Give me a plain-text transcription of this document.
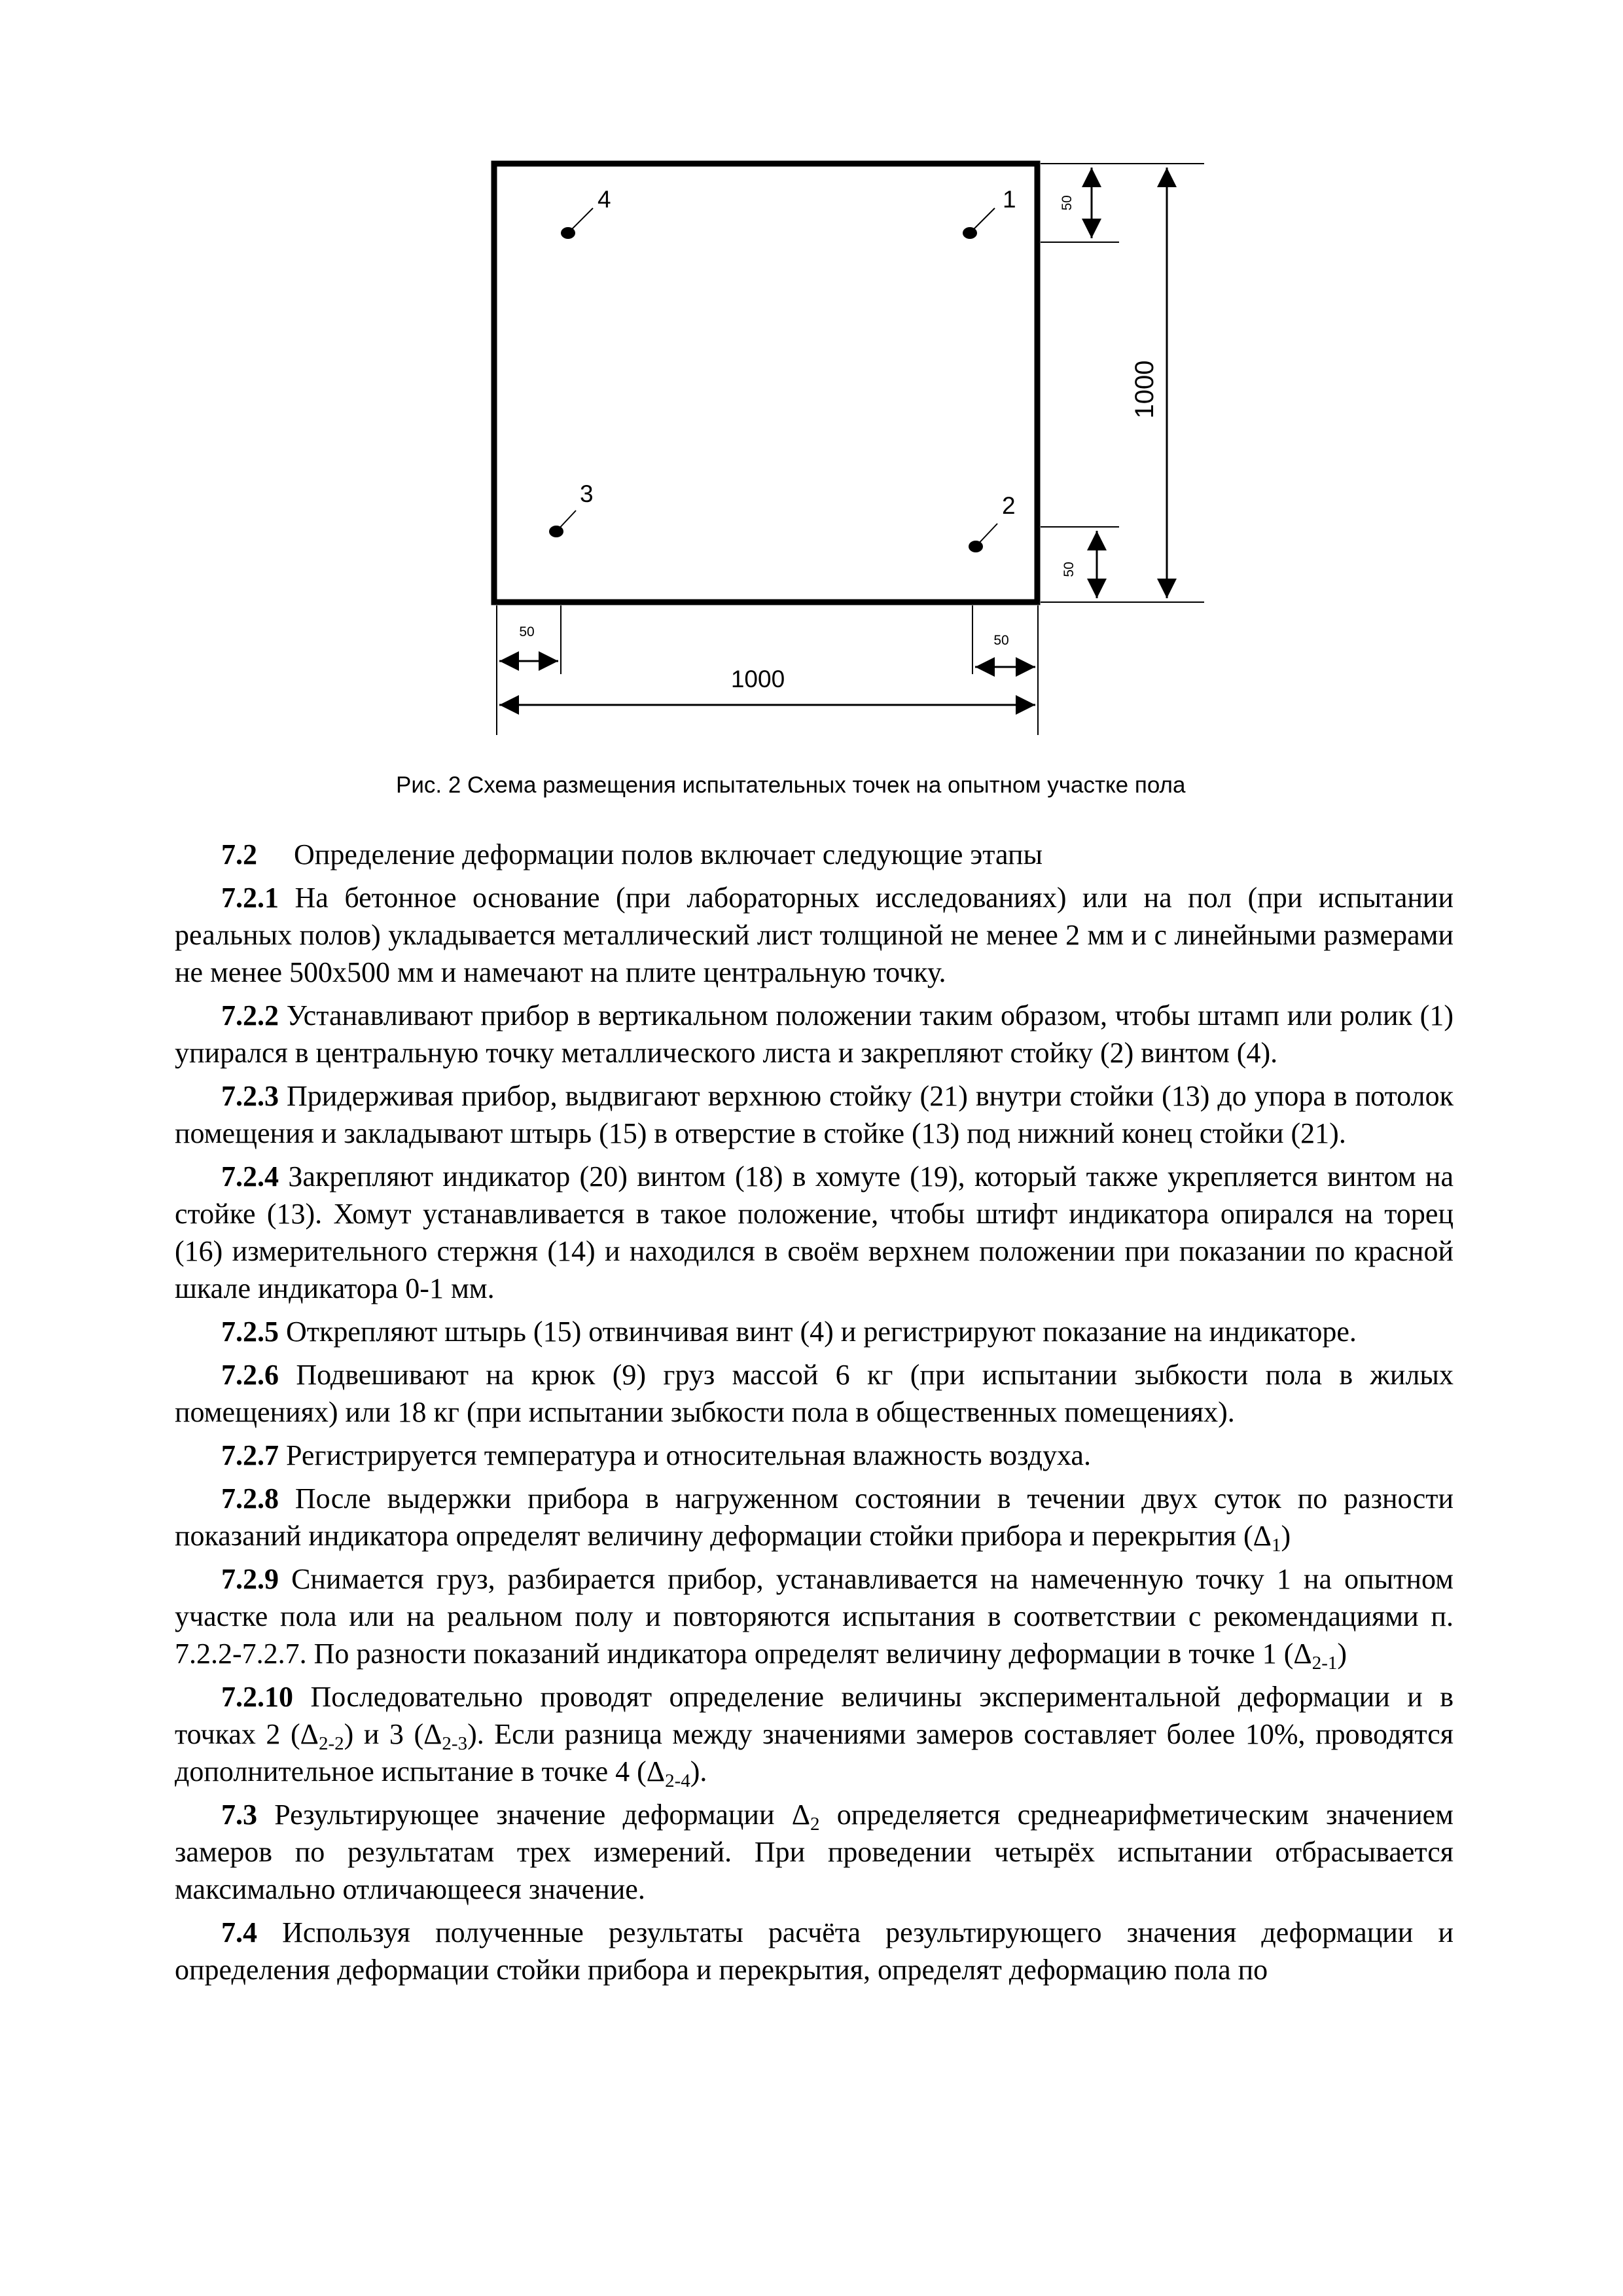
4	1
3	2
50
1000
50
50
50
1000
Рис. 2 Схема размещения испытательных точек на опытном участке пола

7.2 Определение деформации полов включает следующие этапы

7.2.1 На бетонное основание (при лабораторных исследованиях) или на пол (при испытании реальных полов) укладывается металлический лист толщиной не менее 2 мм и с линейными размерами не менее 500х500 мм и намечают на плите центральную точку.

7.2.2 Устанавливают прибор в вертикальном положении таким образом, чтобы штамп или ролик (1) упирался в центральную точку металлического листа и закрепляют стойку (2) винтом (4).

7.2.3 Придерживая прибор, выдвигают верхнюю стойку (21) внутри стойки (13) до упора в потолок помещения и закладывают штырь (15) в отверстие в стойке (13) под нижний конец стойки (21).

7.2.4 Закрепляют индикатор (20) винтом (18) в хомуте (19), который также укрепляется винтом на стойке (13). Хомут устанавливается в такое положение, чтобы штифт индикатора опирался на торец (16) измерительного стержня (14) и находился в своём верхнем положении при показании по красной шкале индикатора 0-1 мм.

7.2.5 Открепляют штырь (15) отвинчивая винт (4) и регистрируют показание на индикаторе.

7.2.6 Подвешивают на крюк (9) груз массой 6 кг (при испытании зыбкости пола в жилых помещениях) или 18 кг (при испытании зыбкости пола в общественных помещениях).

7.2.7 Регистрируется температура и относительная влажность воздуха.

7.2.8 После выдержки прибора в нагруженном состоянии в течении двух суток по разности показаний индикатора определят величину деформации стойки прибора и перекрытия $(\Delta_1)$

7.2.9 Снимается груз, разбирается прибор, устанавливается на намеченную точку 1 на опытном участке пола или на реальном полу и повторяются испытания в соответствии с рекомендациями п. 7.2.2-7.2.7. По разности показаний индикатора определят величину деформации в точке 1 $(\Delta_{2-1})$

7.2.10 Последовательно проводят определение величины экспериментальной деформации и в точках 2 $(\Delta_{2-2})$ и 3 $(\Delta_{2-3})$. Если разница между значениями замеров составляет более 10%, проводятся дополнительное испытание в точке 4 $(\Delta_{2-4})$.

7.3 Результирующее значение деформации $\Delta_2$ определяется среднеарифметическим значением замеров по результатам трех измерений. При проведении четырёх испытании отбрасывается максимально отличающееся значение.

7.4 Используя полученные результаты расчёта результирующего значения деформации и определения деформации стойки прибора и перекрытия, определят деформацию пола по
